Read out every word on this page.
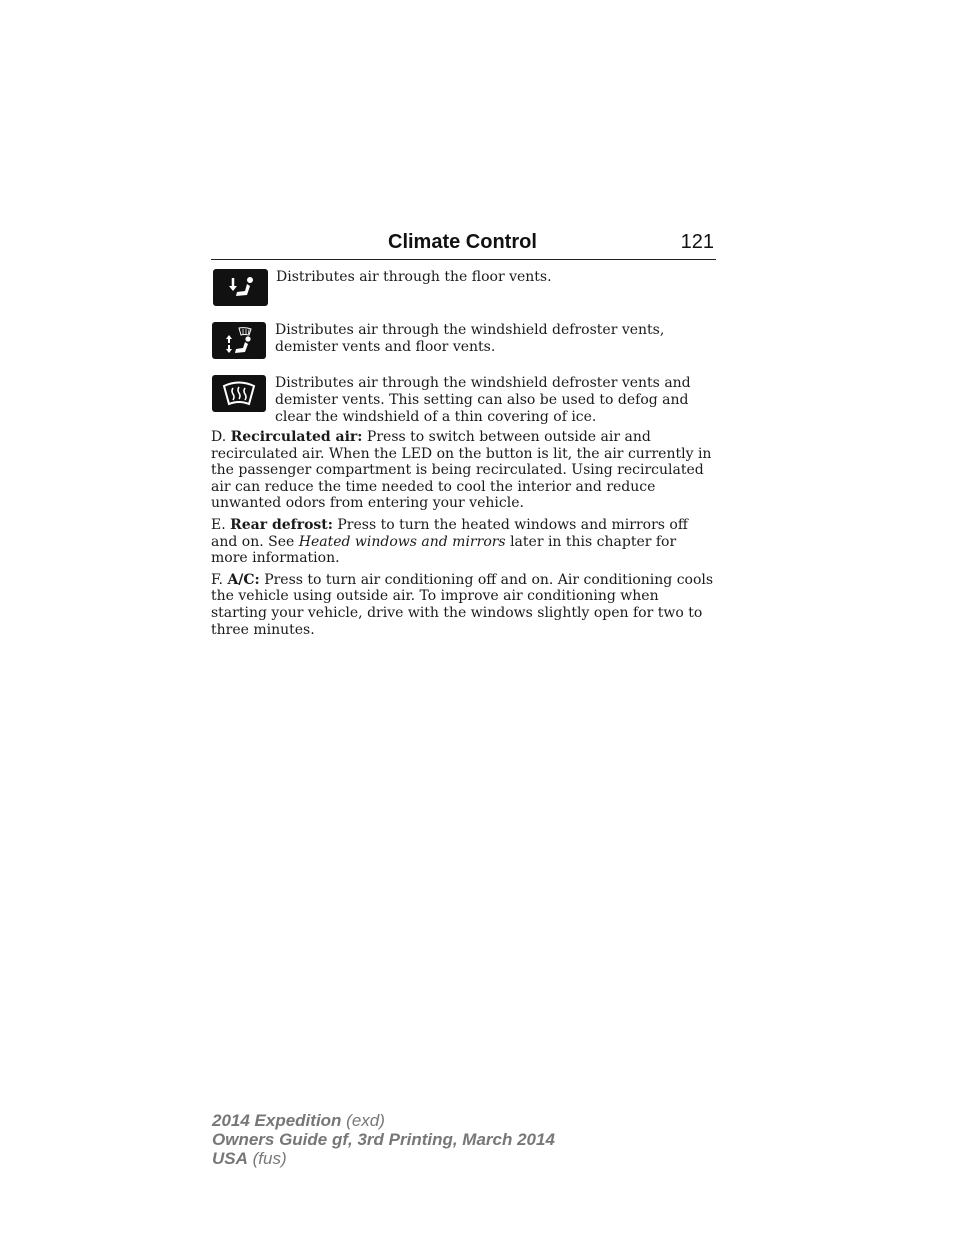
Climate Control	121
Distributes air through the floor vents.
Distributes air through the windshield defroster vents, demister vents and floor vents.
Distributes air through the windshield defroster vents and demister vents. This setting can also be used to defog and clear the windshield of a thin covering of ice.

D. Recirculated air: Press to switch between outside air and recirculated air. When the LED on the button is lit, the air currently in the passenger compartment is being recirculated. Using recirculated air can reduce the time needed to cool the interior and reduce unwanted odors from entering your vehicle.

E. Rear defrost: Press to turn the heated windows and mirrors off and on. See Heated windows and mirrors later in this chapter for more information.

F. A/C: Press to turn air conditioning off and on. Air conditioning cools the vehicle using outside air. To improve air conditioning when starting your vehicle, drive with the windows slightly open for two to three minutes.

2014 Expedition (exd)
Owners Guide gf, 3rd Printing, March 2014
USA (fus)
